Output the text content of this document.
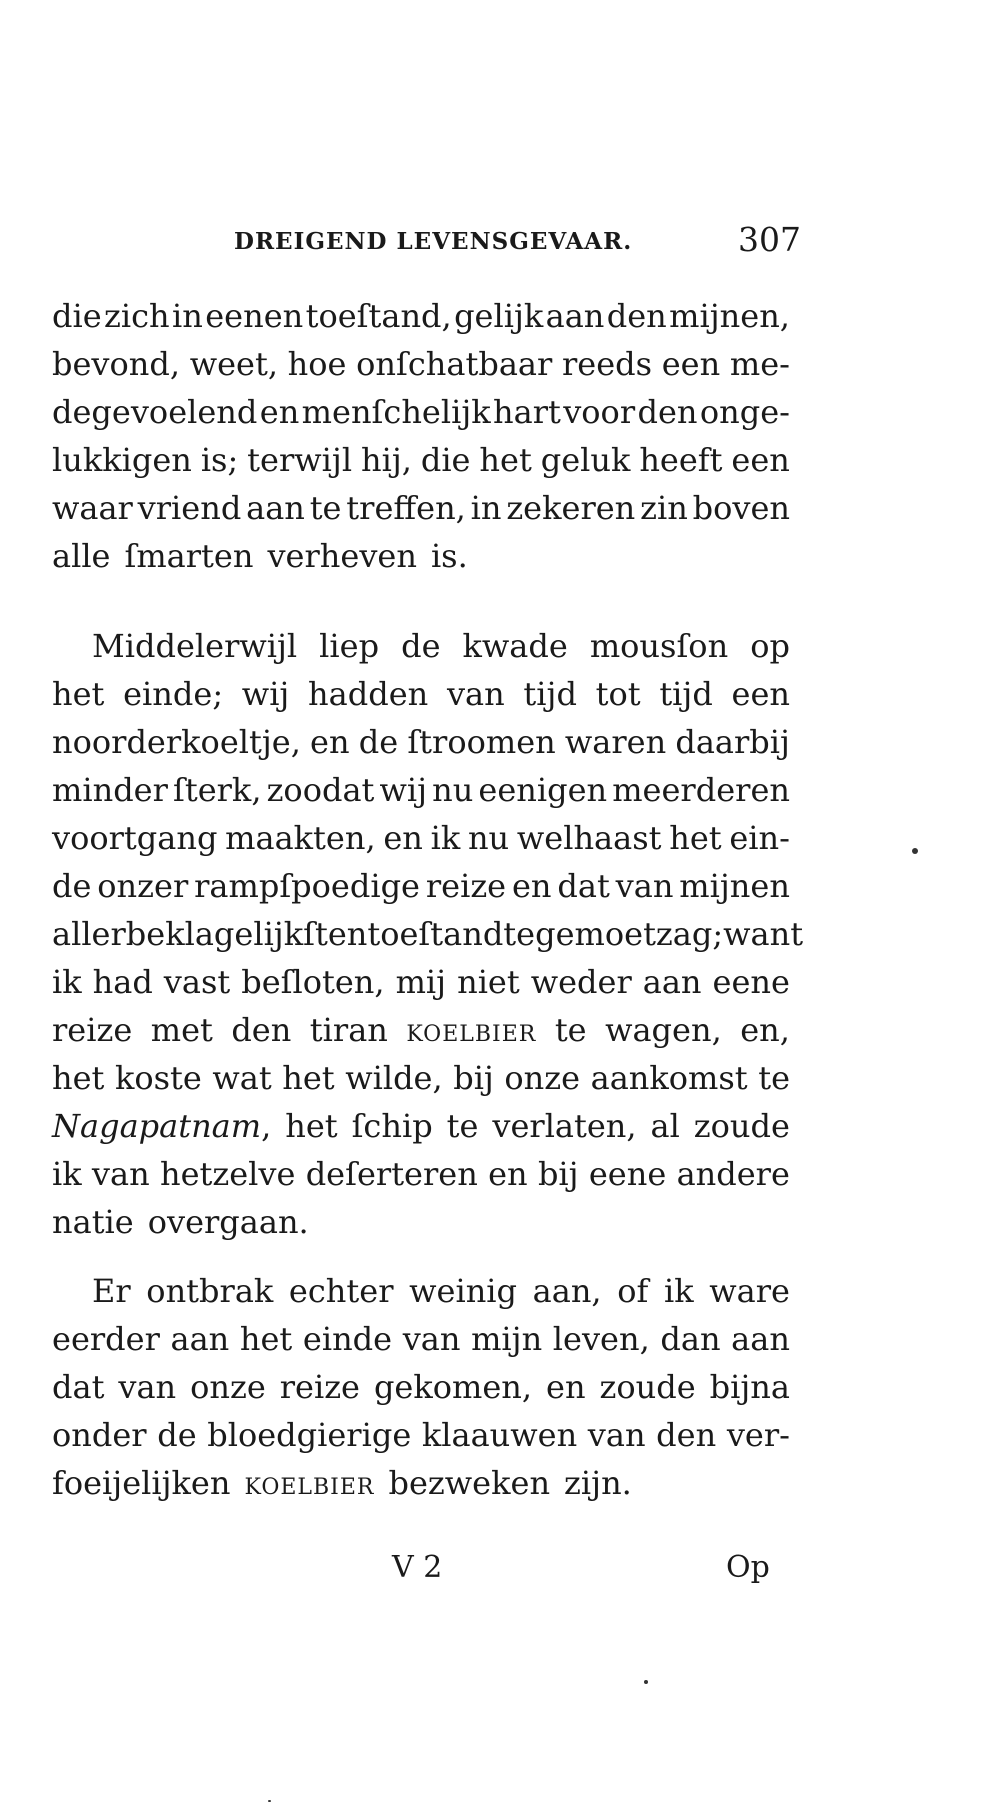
DREIGEND LEVENSGEVAAR.	307
die zich in eenen toeſtand, gelijk aan den mijnen,
bevond, weet, hoe onſchatbaar reeds een me-
degevoelend en menſchelijk hart voor den onge-
lukkigen is; terwijl hij, die het geluk heeft een
waar vriend aan te treffen, in zekeren zin boven
alle ſmarten verheven is.
Middelerwijl liep de kwade mousſon op
het einde; wij hadden van tijd tot tijd een
noorderkoeltje, en de ſtroomen waren daarbij
minder ſterk, zoodat wij nu eenigen meerderen
voortgang maakten, en ik nu welhaast het ein-
de onzer rampſpoedige reize en dat van mijnen
allerbeklagelijkſten toeſtand te gemoet zag; want
ik had vast beſloten, mij niet weder aan eene
reize met den tiran koelbier te wagen, en,
het koste wat het wilde, bij onze aankomst te
Nagapatnam, het ſchip te verlaten, al zoude
ik van hetzelve deſerteren en bij eene andere
natie overgaan.
Er ontbrak echter weinig aan, of ik ware
eerder aan het einde van mijn leven, dan aan
dat van onze reize gekomen, en zoude bijna
onder de bloedgierige klaauwen van den ver-
foeijelijken koelbier bezweken zijn.
V 2	Op
